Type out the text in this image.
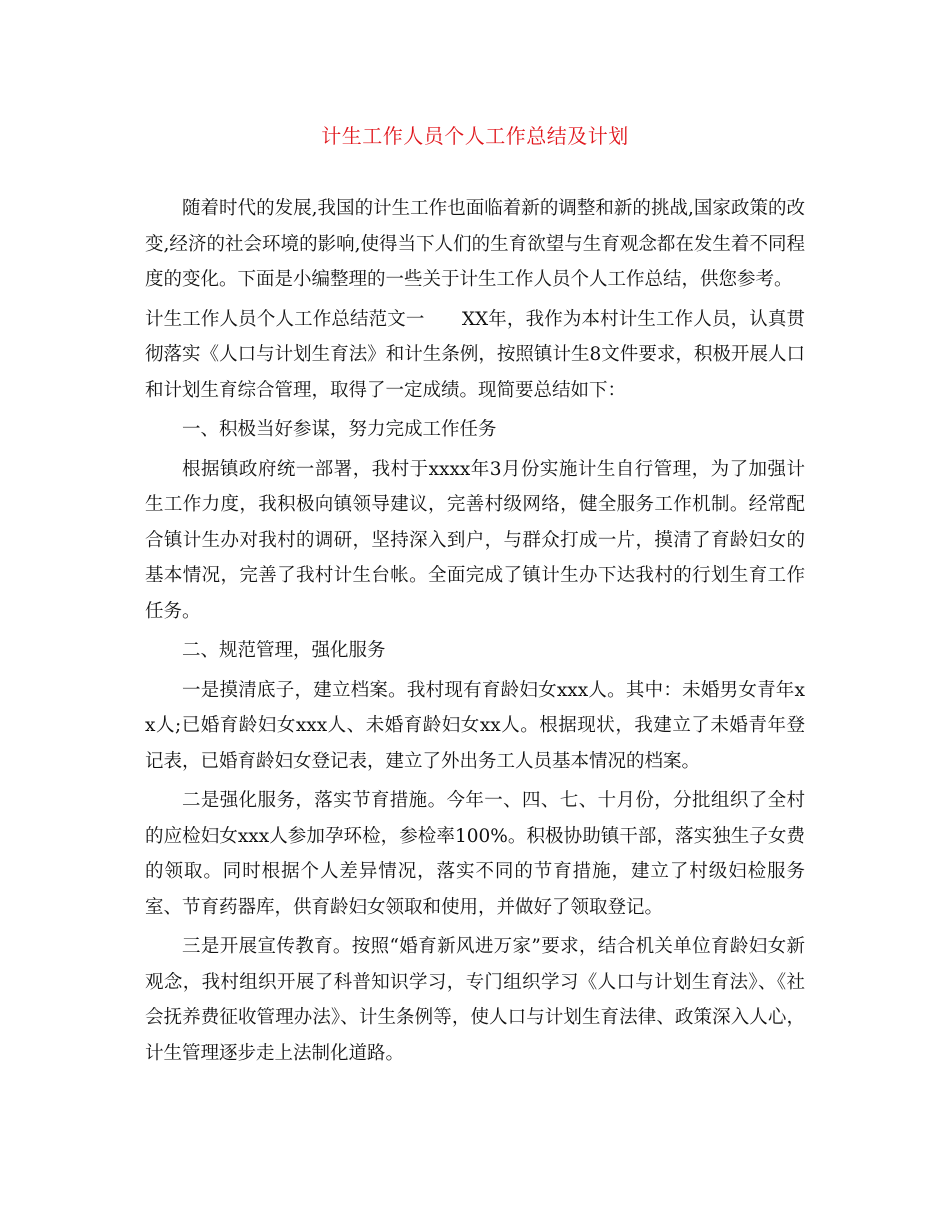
计生工作人员个人工作总结及计划

随着时代的发展,我国的计生工作也面临着新的调整和新的挑战,国家政策的改变,经济的社会环境的影响,使得当下人们的生育欲望与生育观念都在发生着不同程度的变化。下面是小编整理的一些关于计生工作人员个人工作总结，供您参考。

计生工作人员个人工作总结范文一　　XX年，我作为本村计生工作人员，认真贯彻落实《人口与计划生育法》和计生条例，按照镇计生8文件要求，积极开展人口和计划生育综合管理，取得了一定成绩。现简要总结如下：

一、积极当好参谋，努力完成工作任务

根据镇政府统一部署，我村于xxxx年3月份实施计生自行管理，为了加强计生工作力度，我积极向镇领导建议，完善村级网络，健全服务工作机制。经常配合镇计生办对我村的调研，坚持深入到户，与群众打成一片，摸清了育龄妇女的基本情况，完善了我村计生台帐。全面完成了镇计生办下达我村的行划生育工作任务。

二、规范管理，强化服务

一是摸清底子，建立档案。我村现有育龄妇女xxx人。其中：未婚男女青年xx人;已婚育龄妇女xxx人、未婚育龄妇女xx人。根据现状，我建立了未婚青年登记表，已婚育龄妇女登记表，建立了外出务工人员基本情况的档案。

二是强化服务，落实节育措施。今年一、四、七、十月份，分批组织了全村的应检妇女xxx人参加孕环检，参检率100%。积极协助镇干部，落实独生子女费的领取。同时根据个人差异情况，落实不同的节育措施，建立了村级妇检服务室、节育药器库，供育龄妇女领取和使用，并做好了领取登记。

三是开展宣传教育。按照“婚育新风进万家”要求，结合机关单位育龄妇女新观念，我村组织开展了科普知识学习，专门组织学习《人口与计划生育法》、《社会抚养费征收管理办法》、计生条例等，使人口与计划生育法律、政策深入人心，计生管理逐步走上法制化道路。
